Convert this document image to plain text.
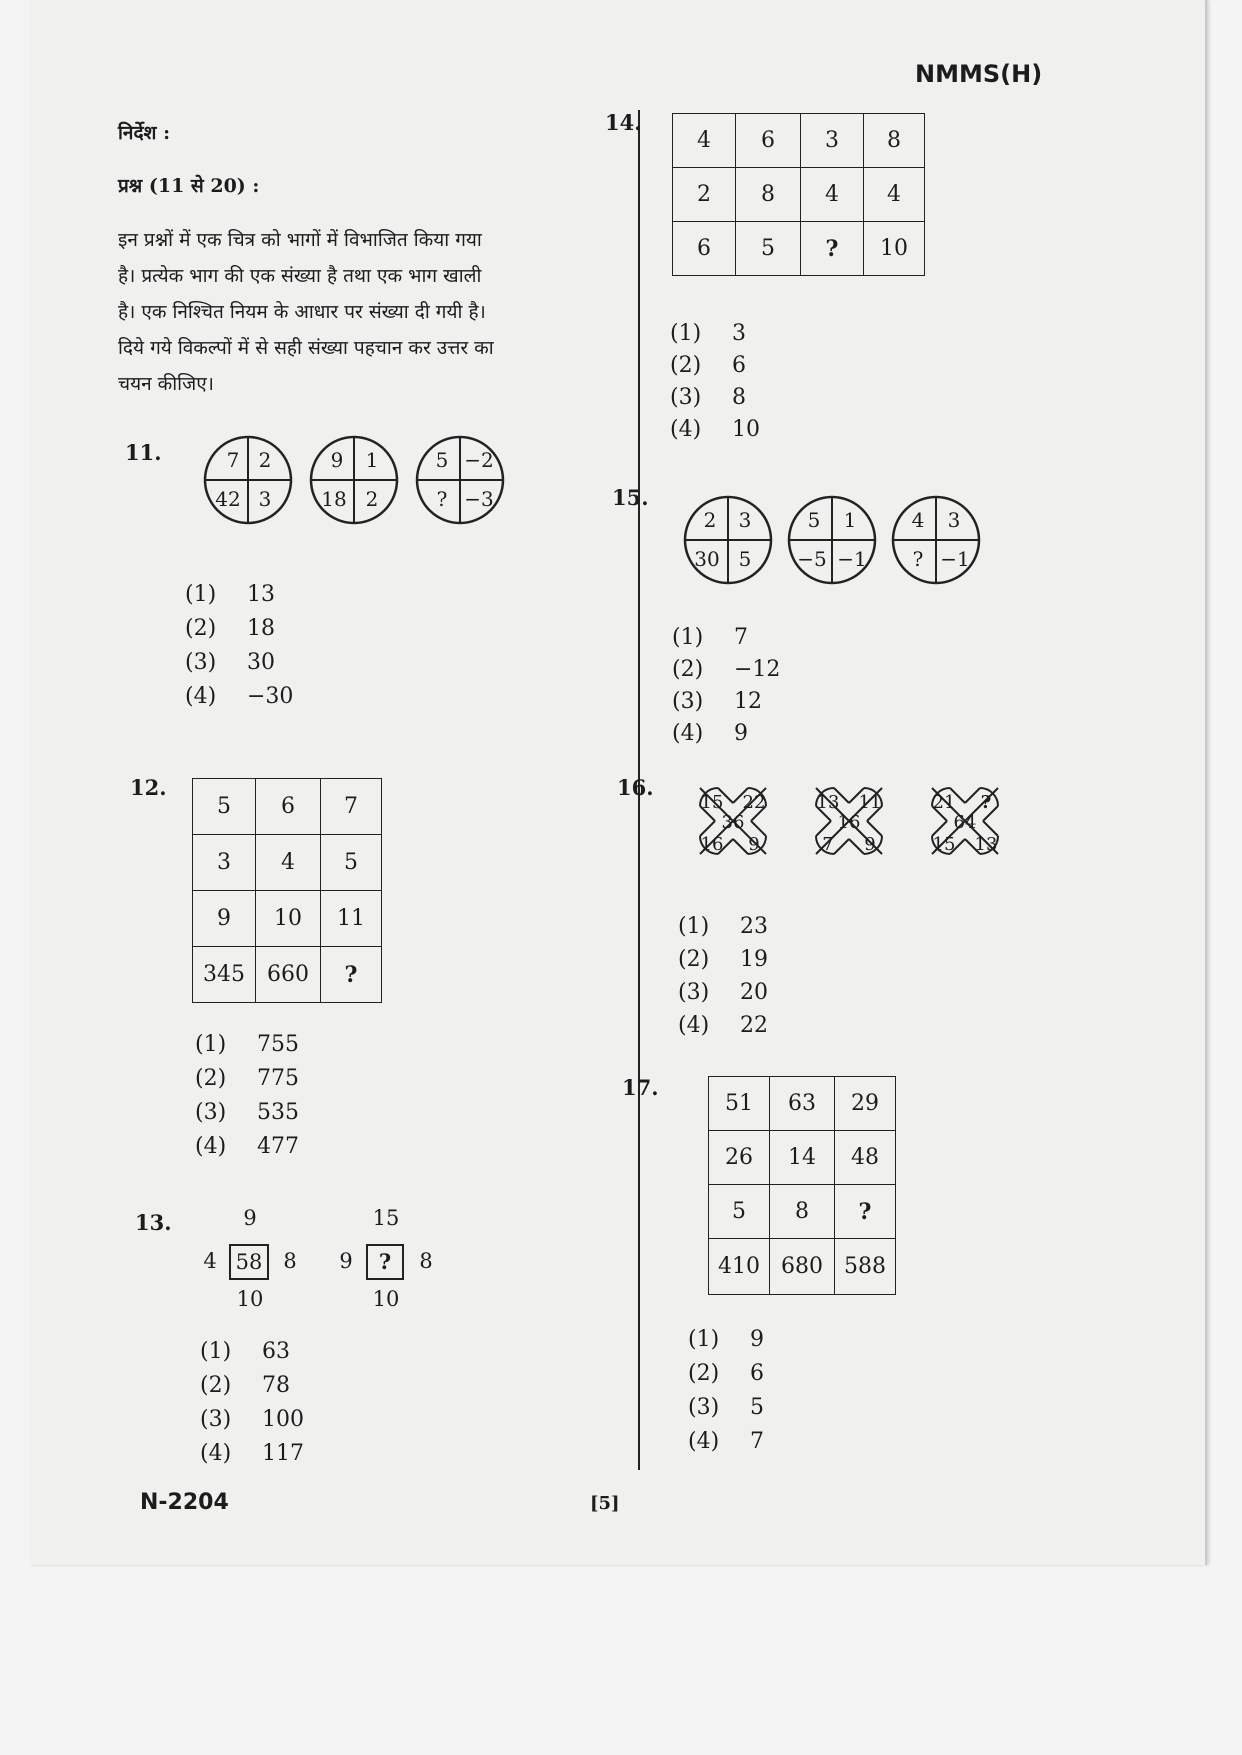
NMMS(H)
निर्देश :
प्रश्न (11 से 20) :
इन प्रश्नों में एक चित्र को भागों में विभाजित किया गया
है। प्रत्येक भाग की एक संख्या है तथा एक भाग खाली
है। एक निश्चित नियम के आधार पर संख्या दी गयी है।
दिये गये विकल्पों में से सही संख्या पहचान कर उत्तर का
चयन कीजिए।
11.	7 2
42 3
9 1
18 2
5 −2
? −3
(1) 13
(2) 18
(3) 30
(4) −30
12.
5	6	7
3	4	5
9	10	11
345	660	?
(1) 755
(2) 775
(3) 535
(4) 477
13.	9
4 58 8
10
15
9 ? 8
10
(1) 63
(2) 78
(3) 100
(4) 117
14.
4	6	3	8
2	8	4	4
6	5	?	10
(1) 3
(2) 6
(3) 8
(4) 10
15.
2 3
30 5
5 1
−5 −1
4 3
? −1
(1) 7
(2) −12
(3) 12
(4) 9
16.
15 22
36
16 9
13 11
16
7 9
21 ?
64
15 13
(1) 23
(2) 19
(3) 20
(4) 22
17.
51	63	29
26	14	48
5	8	?
410	680	588
(1) 9
(2) 6
(3) 5
(4) 7
N-2204	[5]
